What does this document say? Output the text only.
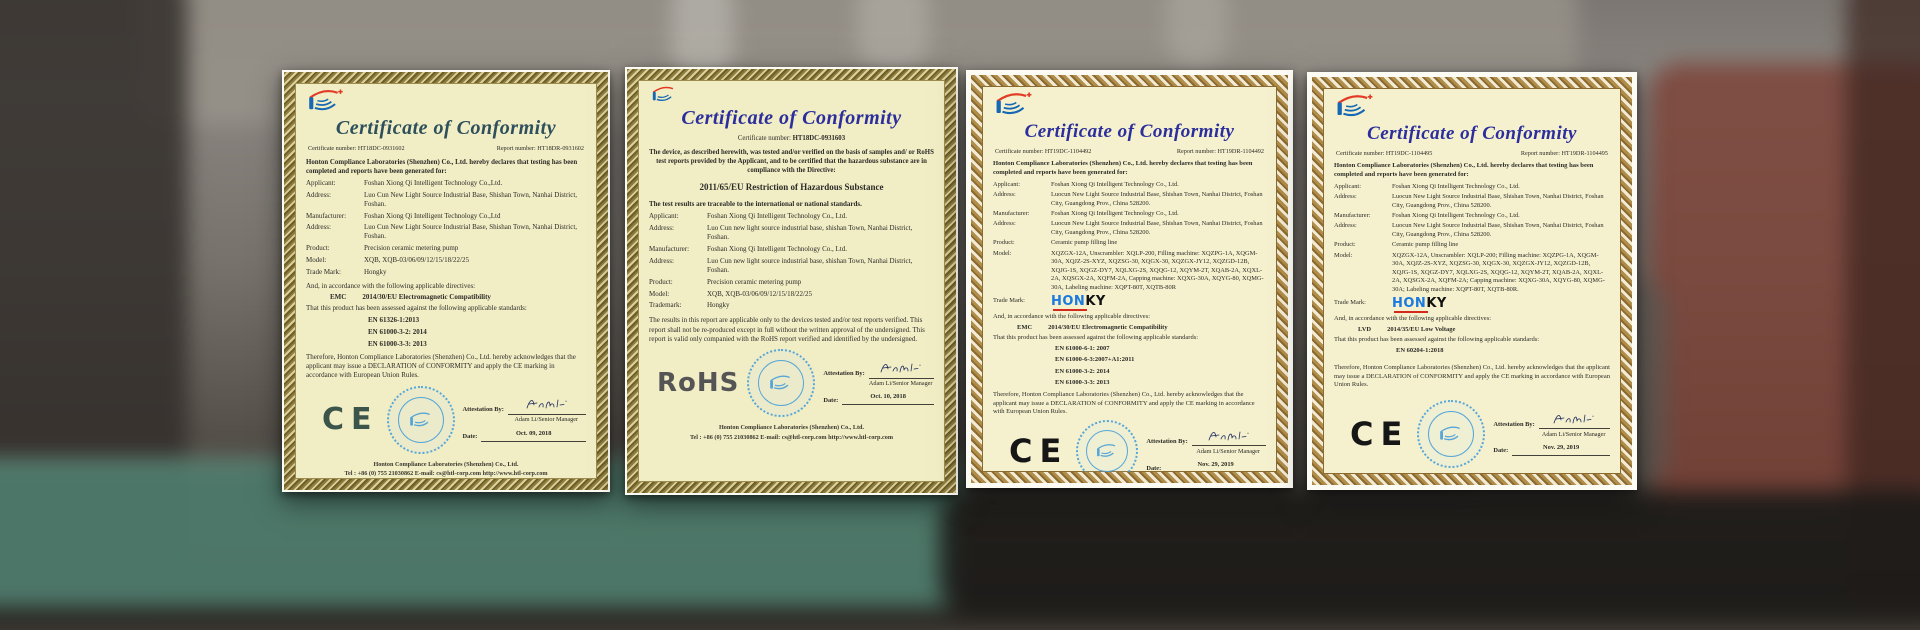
Certificate of Conformity
Certificate number: HT18DC-0931602	Report number: HT18DR-0931602
Honton Compliance Laboratories (Shenzhen) Co., Ltd. hereby declares that testing has been completed and reports have been generated for:
Applicant:	Foshan Xiong Qi Intelligent Technology Co.,Ltd.
Address:	Luo Cun New Light Source Industrial Base, Shishan Town, Nanhai District, Foshan.
Manufacturer:	Foshan Xiong Qi Intelligent Technology Co.,Ltd
Address:	Luo Cun New Light Source Industrial Base, Shishan Town, Nanhai District, Foshan.
Product:	Precision ceramic metering pump
Model:	XQB, XQB-03/06/09/12/15/18/22/25
Trade Mark:	Hongky
And, in accordance with the following applicable directives:
EMC 2014/30/EU Electromagnetic Compatibility
That this product has been assessed against the following applicable standards:
EN 61326-1:2013
EN 61000-3-2: 2014
EN 61000-3-3: 2013
Therefore, Honton Compliance Laboratories (Shenzhen) Co., Ltd. hereby acknowledges that the applicant may issue a DECLARATION of CONFORMITY and apply the CE marking in accordance with European Union Rules.
CE	Attestation By:
Adam Li/Senior Manager
Date:
Oct. 09, 2018
Honton Compliance Laboratories (Shenzhen) Co., Ltd.
Tel : +86 (0) 755 21030862 E-mail: cs@htl-corp.com http://www.htl-corp.com
Certificate of Conformity
Certificate number: HT18DC-0931603
The device, as described herewith, was tested and/or verified on the basis of samples and/ or RoHS test reports provided by the Applicant, and to be certified that the hazardous substance are in compliance with the Directive:
2011/65/EU Restriction of Hazardous Substance
The test results are traceable to the international or national standards.
Applicant:	Foshan Xiong Qi Intelligent Technology Co., Ltd.
Address:	Luo Cun new light source industrial base, shishan Town, Nanhai District, Foshan.
Manufacturer:	Foshan Xiong Qi Intelligent Technology Co., Ltd.
Address:	Luo Cun new light source industrial base, shishan Town, Nanhai District, Foshan.
Product:	Precision ceramic metering pump
Model:	XQB, XQB-03/06/09/12/15/18/22/25
Trademark:	Hongky
The results in this report are applicable only to the devices tested and/or test reports verified. This report shall not be re-produced except in full without the written approval of the undersigned. This report is valid only companied with the RoHS report verified and identified by the undersigned.
RoHS	Attestation By:
Adam Li/Senior Manager
Date:
Oct. 10, 2018
Honton Compliance Laboratories (Shenzhen) Co., Ltd.
Tel : +86 (0) 755 21030862 E-mail: cs@htl-corp.com http://www.htl-corp.com
Certificate of Conformity
Certificate number: HT19DC-1104492	Report number: HT19DR-1104492
Honton Compliance Laboratories (Shenzhen) Co., Ltd. hereby declares that testing has been completed and reports have been generated for:
Applicant:	Foshan Xiong Qi Intelligent Technology Co., Ltd.
Address:	Luocun New Light Source Industrial Base, Shishan Town, Nanhai District, Foshan City, Guangdong Prov., China 528200.
Manufacturer:	Foshan Xiong Qi Intelligent Technology Co., Ltd.
Address:	Luocun New Light Source Industrial Base, Shishan Town, Nanhai District, Foshan City, Guangdong Prov., China 528200.
Product:	Ceramic pump filling line
Model:	XQZGX-12A, Unscrambler: XQLP-200, Filling machine: XQZPG-1A, XQGM-30A, XQJZ-2S-XYZ, XQZSG-30, XQGX-30, XQZGX-JY12, XQZGD-12B, XQJG-1S, XQGZ-DY7, XQLXG-2S, XQQG-12, XQYM-2T, XQAB-2A, XQXL-2A, XQSGX-2A, XQFM-2A, Capping machine: XQXG-30A, XQYG-80, XQMG-30A, Labeling machine: XQPT-80T, XQTB-80R
Trade Mark:	HON KY
And, in accordance with the following applicable directives:
EMC 2014/30/EU Electromagnetic Compatibility
That this product has been assessed against the following applicable standards:
EN 61000-6-1: 2007
EN 61000-6-3:2007+A1:2011
EN 61000-3-2: 2014
EN 61000-3-3: 2013
Therefore, Honton Compliance Laboratories (Shenzhen) Co., Ltd. hereby acknowledges that the applicant may issue a DECLARATION of CONFORMITY and apply the CE marking in accordance with European Union Rules.
CE	Attestation By:
Adam Li/Senior Manager
Date:
Nov. 29, 2019
Certificate of Conformity
Certificate number: HT19DC-1104495	Report number: HT19DR-1104495
Honton Compliance Laboratories (Shenzhen) Co., Ltd. hereby declares that testing has been completed and reports have been generated for:
Applicant:	Foshan Xiong Qi Intelligent Technology Co., Ltd.
Address:	Luocun New Light Source Industrial Base, Shishan Town, Nanhai District, Foshan City, Guangdong Prov., China 528200.
Manufacturer:	Foshan Xiong Qi Intelligent Technology Co., Ltd.
Address:	Luocun New Light Source Industrial Base, Shishan Town, Nanhai District, Foshan City, Guangdong Prov., China 528200.
Product:	Ceramic pump filling line
Model:	XQZGX-12A, Unscrambler: XQLP-200; Filling machine: XQZPG-1A, XQGM-30A, XQJZ-2S-XYZ, XQZSG-30, XQGX-30, XQZGX-JY12, XQZGD-12B, XQJG-1S, XQGZ-DY7, XQLXG-2S, XQQG-12, XQYM-2T, XQAB-2A, XQXL-2A, XQSGX-2A, XQFM-2A; Capping machine: XQXG-30A, XQYG-80, XQMG-30A; Labeling machine: XQPT-80T, XQTB-80R.
Trade Mark:	HON KY
And, in accordance with the following applicable directives:
LVD 2014/35/EU Low Voltage
That this product has been assessed against the following applicable standards:
EN 60204-1:2018
Therefore, Honton Compliance Laboratories (Shenzhen) Co., Ltd. hereby acknowledges that the applicant may issue a DECLARATION of CONFORMITY and apply the CE marking in accordance with European Union Rules.
CE	Attestation By:
Adam Li/Senior Manager
Date:
Nov. 29, 2019
